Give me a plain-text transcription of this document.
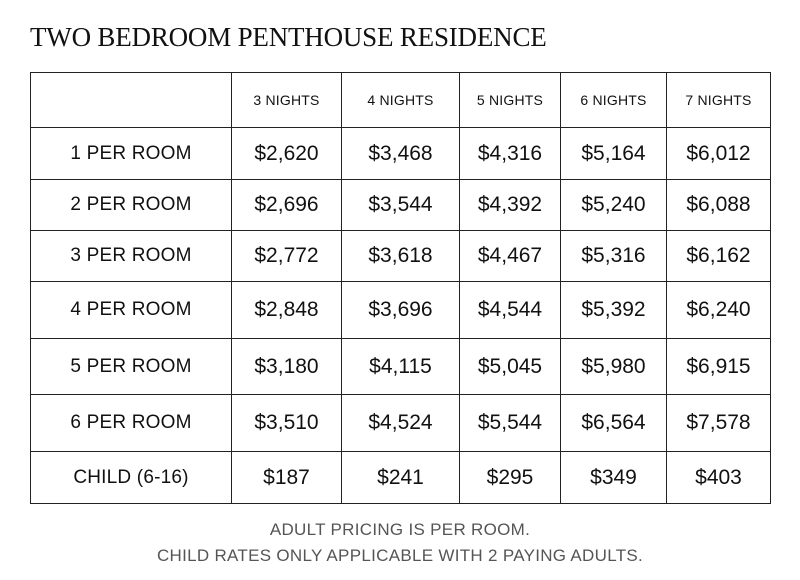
TWO BEDROOM PENTHOUSE RESIDENCE
	3 NIGHTS	4 NIGHTS	5 NIGHTS	6 NIGHTS	7 NIGHTS
1 PER ROOM	$2,620	$3,468	$4,316	$5,164	$6,012
2 PER ROOM	$2,696	$3,544	$4,392	$5,240	$6,088
3 PER ROOM	$2,772	$3,618	$4,467	$5,316	$6,162
4 PER ROOM	$2,848	$3,696	$4,544	$5,392	$6,240
5 PER ROOM	$3,180	$4,115	$5,045	$5,980	$6,915
6 PER ROOM	$3,510	$4,524	$5,544	$6,564	$7,578
CHILD (6-16)	$187	$241	$295	$349	$403
ADULT PRICING IS PER ROOM.
CHILD RATES ONLY APPLICABLE WITH 2 PAYING ADULTS.
